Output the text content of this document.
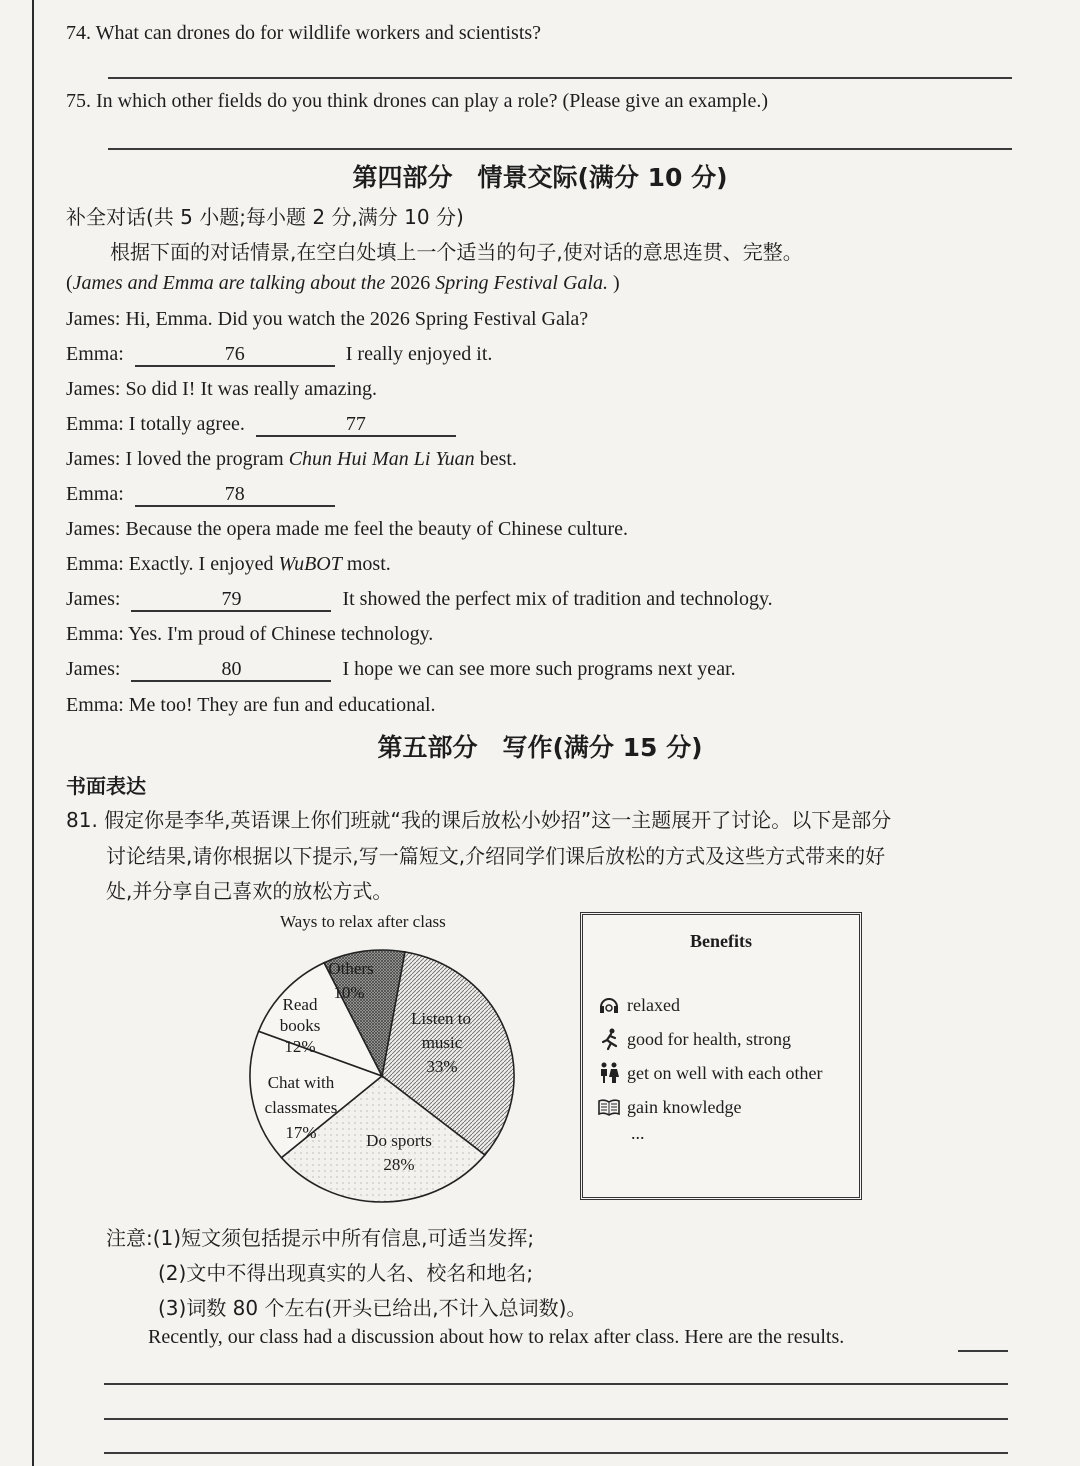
74. What can drones do for wildlife workers and scientists?
75. In which other fields do you think drones can play a role? (Please give an example.)
第四部分　情景交际(满分 10 分)
补全对话(共 5 小题;每小题 2 分,满分 10 分)
根据下面的对话情景,在空白处填上一个适当的句子,使对话的意思连贯、完整。
(James and Emma are talking about the 2026 Spring Festival Gala. )
James: Hi, Emma. Did you watch the 2026 Spring Festival Gala?
Emma:	76	I really enjoyed it.
James: So did I! It was really amazing.
Emma: I totally agree.	77
James: I loved the program Chun Hui Man Li Yuan best.
Emma:	78
James: Because the opera made me feel the beauty of Chinese culture.
Emma: Exactly. I enjoyed WuBOT most.
James:	79	It showed the perfect mix of tradition and technology.
Emma: Yes. I'm proud of Chinese technology.
James:	80	I hope we can see more such programs next year.
Emma: Me too! They are fun and educational.
第五部分　写作(满分 15 分)
书面表达
81. 假定你是李华,英语课上你们班就“我的课后放松小妙招”这一主题展开了讨论。以下是部分
讨论结果,请你根据以下提示,写一篇短文,介绍同学们课后放松的方式及这些方式带来的好
处,并分享自己喜欢的放松方式。
Ways to relax after class
Others
10%
Listen to
music
33%
Read
books
12%
Chat with
classmates
17%	Do sports
28%
Benefits
relaxed
good for health, strong
get on well with each other
gain knowledge
...
注意:(1)短文须包括提示中所有信息,可适当发挥;
(2)文中不得出现真实的人名、校名和地名;
(3)词数 80 个左右(开头已给出,不计入总词数)。
Recently, our class had a discussion about how to relax after class. Here are the results.
